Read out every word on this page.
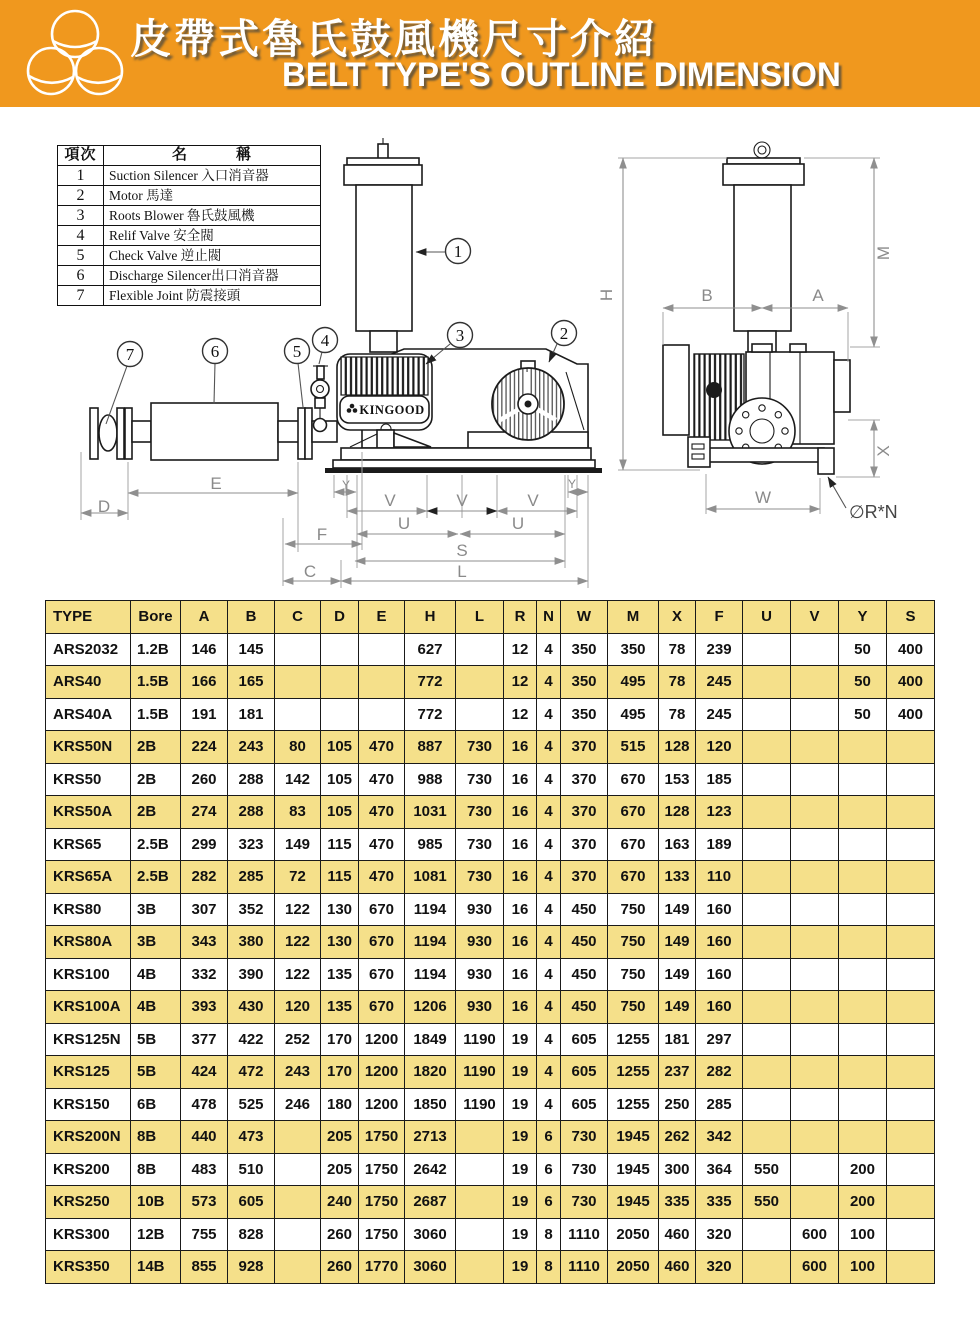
皮帶式魯氏鼓風機尺寸介紹
BELT TYPE'S OUTLINE DIMENSION
KINGOOD
1
2
3
4
5
6
7
D
E
F
C	L
S
U	U
V	V	V
Y	Y
H
M
X
B	A
W
∅R*N
項次	名　　　稱
1	Suction Silencer 入口消音器
2	Motor 馬達
3	Roots Blower 魯氏鼓風機
4	Relif Valve 安全閥
5	Check Valve 逆止閥
6	Discharge Silencer出口消音器
7	Flexible Joint 防震接頭
TYPE	Bore	A	B	C	D	E	H	L	R	N	W	M	X	F	U	V	Y	S
ARS2032	1.2B	146	145				627		12	4	350	350	78	239			50	400
ARS40	1.5B	166	165				772		12	4	350	495	78	245			50	400
ARS40A	1.5B	191	181				772		12	4	350	495	78	245			50	400
KRS50N	2B	224	243	80	105	470	887	730	16	4	370	515	128	120				
KRS50	2B	260	288	142	105	470	988	730	16	4	370	670	153	185				
KRS50A	2B	274	288	83	105	470	1031	730	16	4	370	670	128	123				
KRS65	2.5B	299	323	149	115	470	985	730	16	4	370	670	163	189				
KRS65A	2.5B	282	285	72	115	470	1081	730	16	4	370	670	133	110				
KRS80	3B	307	352	122	130	670	1194	930	16	4	450	750	149	160				
KRS80A	3B	343	380	122	130	670	1194	930	16	4	450	750	149	160				
KRS100	4B	332	390	122	135	670	1194	930	16	4	450	750	149	160				
KRS100A	4B	393	430	120	135	670	1206	930	16	4	450	750	149	160				
KRS125N	5B	377	422	252	170	1200	1849	1190	19	4	605	1255	181	297				
KRS125	5B	424	472	243	170	1200	1820	1190	19	4	605	1255	237	282				
KRS150	6B	478	525	246	180	1200	1850	1190	19	4	605	1255	250	285				
KRS200N	8B	440	473		205	1750	2713		19	6	730	1945	262	342				
KRS200	8B	483	510		205	1750	2642		19	6	730	1945	300	364	550		200	
KRS250	10B	573	605		240	1750	2687		19	6	730	1945	335	335	550		200	
KRS300	12B	755	828		260	1750	3060		19	8	1110	2050	460	320		600	100	
KRS350	14B	855	928		260	1770	3060		19	8	1110	2050	460	320		600	100	
